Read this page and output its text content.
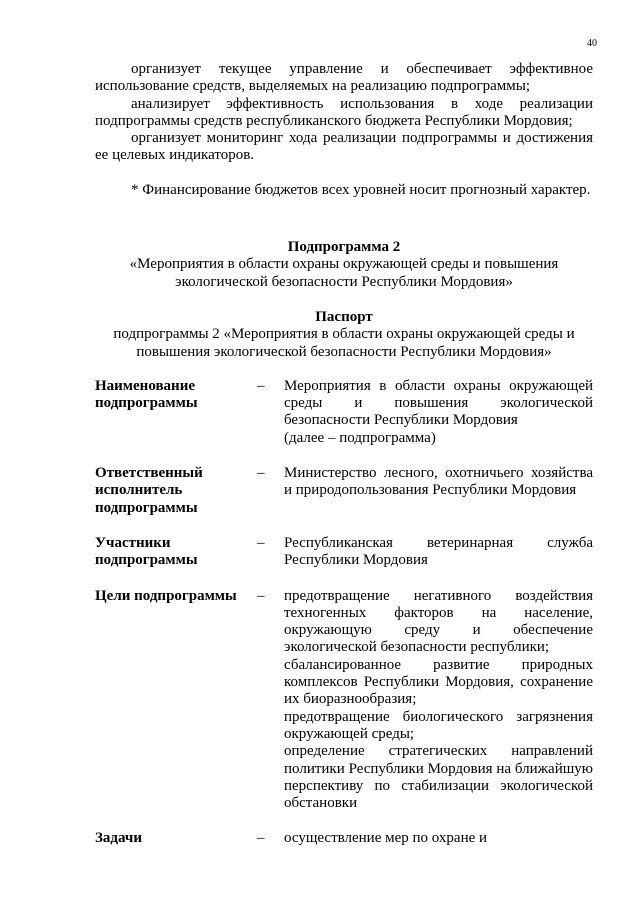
40

организует текущее управление и обеспечивает эффективное использование средств, выделяемых на реализацию подпрограммы;

анализирует эффективность использования в ходе реализации подпрограммы средств республиканского бюджета Республики Мордовия;

организует мониторинг хода реализации подпрограммы и достижения ее целевых индикаторов.

* Финансирование бюджетов всех уровней носит прогнозный характер.

Подпрограмма 2

«Мероприятия в области охраны окружающей среды и повышения экологической безопасности Республики Мордовия»

Паспорт

подпрограммы 2 «Мероприятия в области охраны окружающей среды и повышения экологической безопасности Республики Мордовия»

Наименование подпрограммы	–	Мероприятия в области охраны окружающей среды и повышения экологической безопасности Республики Мордовия
(далее – подпрограмма)

Ответственный исполнитель подпрограммы	–	Министерство лесного, охотничьего хозяйства и природопользования Республики Мордовия

Участники подпрограммы	–	Республиканская ветеринарная служба Республики Мордовия

Цели подпрограммы	–	предотвращение негативного воздействия техногенных факторов на население, окружающую среду и обеспечение экологической безопасности республики;
сбалансированное развитие природных комплексов Республики Мордовия, сохранение их биоразнообразия;
предотвращение биологического загрязнения окружающей среды;
определение стратегических направлений политики Республики Мордовия на ближайшую перспективу по стабилизации экологической обстановки

Задачи	–	осуществление мер по охране и
